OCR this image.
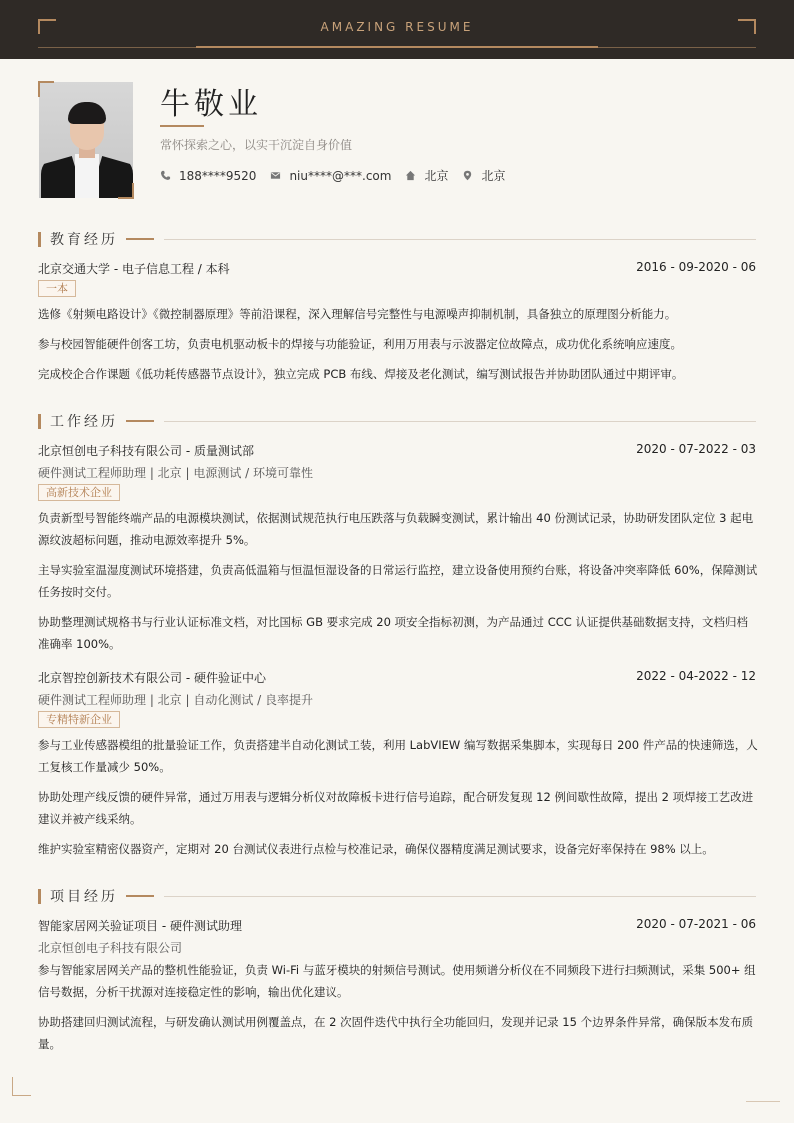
AMAZING RESUME
牛敬业
常怀探索之心，以实干沉淀自身价值
188****9520	niu****@***.com	北京	北京
教育经历
北京交通大学 - 电子信息工程 / 本科	2016 - 09-2020 - 06
一本
选修《射频电路设计》《微控制器原理》等前沿课程，深入理解信号完整性与电源噪声抑制机制，具备独立的原理图分析能力。
参与校园智能硬件创客工坊，负责电机驱动板卡的焊接与功能验证，利用万用表与示波器定位故障点，成功优化系统响应速度。
完成校企合作课题《低功耗传感器节点设计》，独立完成 PCB 布线、焊接及老化测试，编写测试报告并协助团队通过中期评审。
工作经历
北京恒创电子科技有限公司 - 质量测试部	2020 - 07-2022 - 03
硬件测试工程师助理 | 北京 | 电源测试 / 环境可靠性
高新技术企业
负责新型号智能终端产品的电源模块测试，依据测试规范执行电压跌落与负载瞬变测试，累计输出 40 份测试记录，协助研发团队定位 3 起电源纹波超标问题，推动电源效率提升 5%。
主导实验室温湿度测试环境搭建，负责高低温箱与恒温恒湿设备的日常运行监控，建立设备使用预约台账，将设备冲突率降低 60%，保障测试任务按时交付。
协助整理测试规格书与行业认证标准文档，对比国标 GB 要求完成 20 项安全指标初测，为产品通过 CCC 认证提供基础数据支持，文档归档准确率 100%。
北京智控创新技术有限公司 - 硬件验证中心	2022 - 04-2022 - 12
硬件测试工程师助理 | 北京 | 自动化测试 / 良率提升
专精特新企业
参与工业传感器模组的批量验证工作，负责搭建半自动化测试工装，利用 LabVIEW 编写数据采集脚本，实现每日 200 件产品的快速筛选，人工复核工作量减少 50%。
协助处理产线反馈的硬件异常，通过万用表与逻辑分析仪对故障板卡进行信号追踪，配合研发复现 12 例间歇性故障，提出 2 项焊接工艺改进建议并被产线采纳。
维护实验室精密仪器资产，定期对 20 台测试仪表进行点检与校准记录，确保仪器精度满足测试要求，设备完好率保持在 98% 以上。
项目经历
智能家居网关验证项目 - 硬件测试助理	2020 - 07-2021 - 06
北京恒创电子科技有限公司
参与智能家居网关产品的整机性能验证，负责 Wi-Fi 与蓝牙模块的射频信号测试。使用频谱分析仪在不同频段下进行扫频测试，采集 500+ 组信号数据，分析干扰源对连接稳定性的影响，输出优化建议。
协助搭建回归测试流程，与研发确认测试用例覆盖点，在 2 次固件迭代中执行全功能回归，发现并记录 15 个边界条件异常，确保版本发布质量。
